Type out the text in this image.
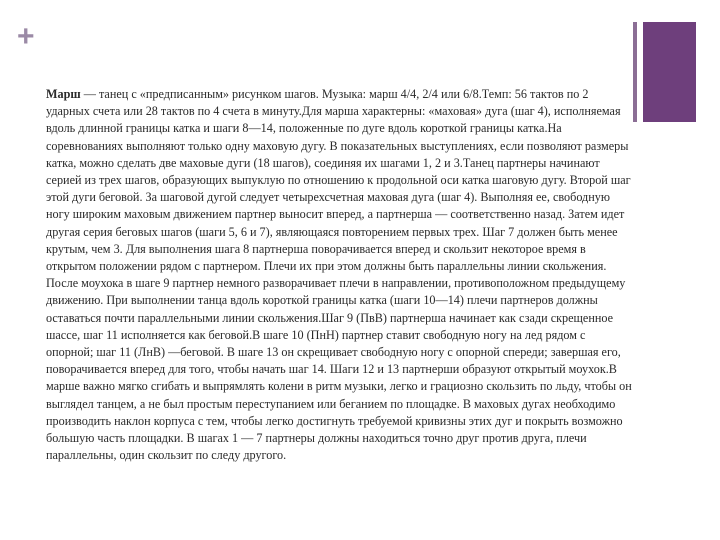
+

Марш — танец с «предписанным» рисунком шагов. Музыка: марш 4/4, 2/4 или 6/8.Темп: 56 тактов по 2 ударных счета или 28 тактов по 4 счета в минуту.Для марша характерны: «маховая» дуга (шаг 4), исполняемая вдоль длинной границы катка и шаги 8—14, положенные по дуге вдоль короткой границы катка.На соревнованиях выполняют только одну маховую дугу. В показательных выступлениях, если позволяют размеры катка, можно сделать две маховые дуги (18 шагов), соединяя их шагами 1, 2 и 3.Танец партнеры начинают серией из трех шагов, образующих выпуклую по отношению к продольной оси катка шаговую дугу. Второй шаг этой дуги беговой. За шаговой дугой следует четырехсчетная маховая дуга (шаг 4). Выполняя ее, свободную ногу широким маховым движением партнер выносит вперед, а партнерша — соответственно назад. Затем идет другая серия беговых шагов (шаги 5, 6 и 7), являющаяся повторением первых трех. Шаг 7 должен быть менее крутым, чем 3. Для выполнения шага 8 партнерша поворачивается вперед и скользит некоторое время в открытом положении рядом с партнером. Плечи их при этом должны быть параллельны линии скольжения. После моухока в шаге 9 партнер немного разворачивает плечи в направлении, противоположном предыдущему движению. При выполнении танца вдоль короткой границы катка (шаги 10—14) плечи партнеров должны оставаться почти параллельными линии скольжения.Шаг 9 (ПвВ) партнерша начинает как сзади скрещенное шассе, шаг 11 исполняется как беговой.В шаге 10 (ПнН) партнер ставит свободную ногу на лед рядом с опорной; шаг 11 (ЛнВ) —беговой. В шаге 13 он скрещивает свободную ногу с опорной спереди; завершая его, поворачивается вперед для того, чтобы начать шаг 14. Шаги 12 и 13 партнерши образуют открытый моухок.В марше важно мягко сгибать и выпрямлять колени в ритм музыки, легко и грациозно скользить по льду, чтобы он выглядел танцем, а не был простым переступанием или беганием по площадке. В маховых дугах необходимо производить наклон корпуса с тем, чтобы легко достигнуть требуемой кривизны этих дуг и покрыть возможно большую часть площадки. В шагах 1 — 7 партнеры должны находиться точно друг против друга, плечи параллельны, один скользит по следу другого.
